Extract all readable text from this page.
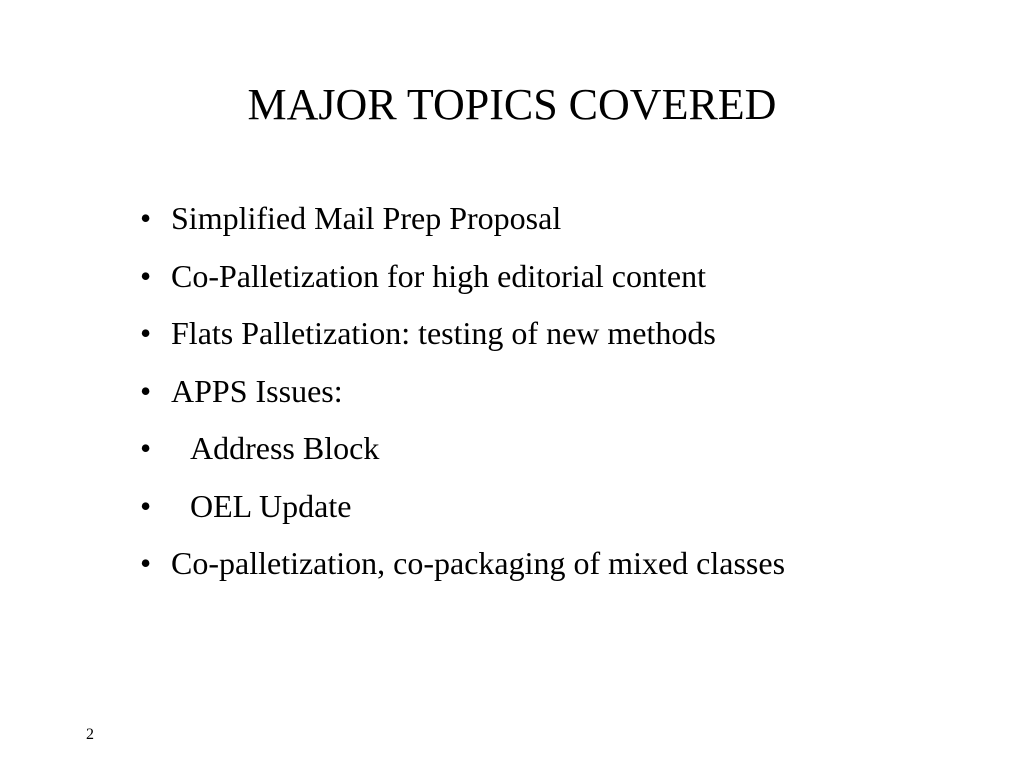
MAJOR TOPICS COVERED
• Simplified Mail Prep Proposal
• Co-Palletization for high editorial content
• Flats Palletization: testing of new methods
• APPS Issues:
•	Address Block
•	OEL Update
• Co-palletization, co-packaging of mixed classes
2
